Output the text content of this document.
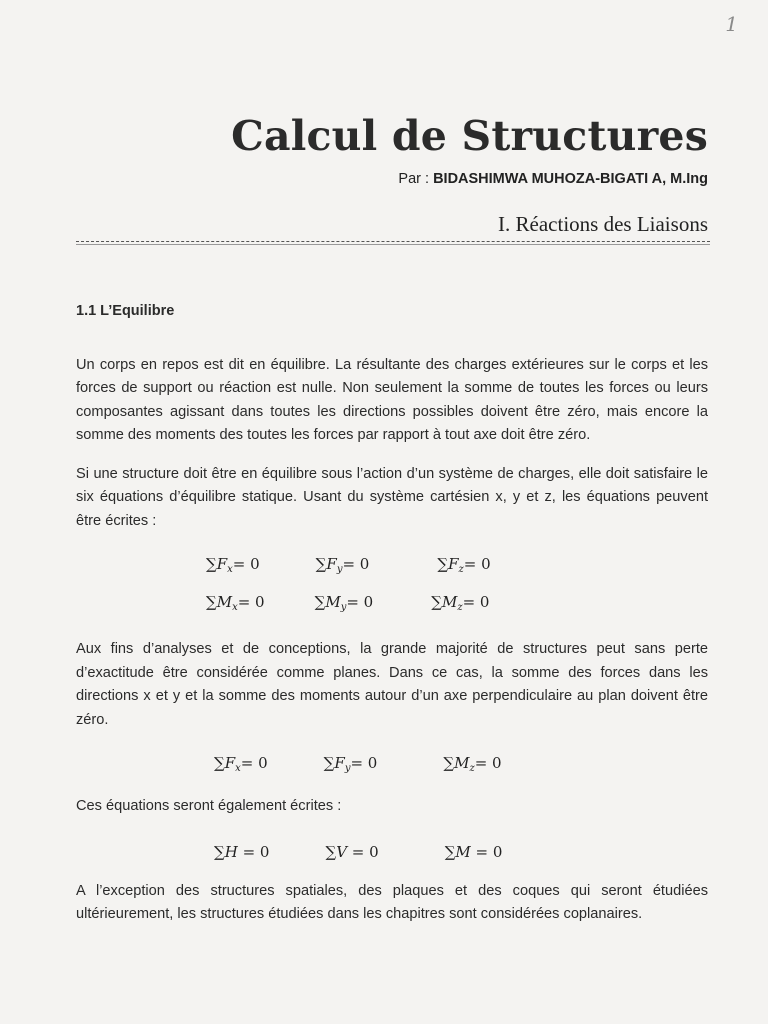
1
Calcul de Structures
Par : BIDASHIMWA MUHOZA-BIGATI A, M.Ing
I. Réactions des Liaisons
1.1 L’Equilibre

Un corps en repos est dit en équilibre. La résultante des charges extérieures sur le corps et les forces de support ou réaction est nulle. Non seulement la somme de toutes les forces ou leurs composantes agissant dans toutes les directions possibles doivent être zéro, mais encore la somme des moments des toutes les forces par rapport à tout axe doit être zéro.

Si une structure doit être en équilibre sous l’action d’un système de charges, elle doit satisfaire le six équations d’équilibre statique. Usant du système cartésien x, y et z, les équations peuvent être écrites :

$\sum F_x= 0$	$\sum F_y= 0$	$\sum F_z= 0$
$\sum M_x= 0$	$\sum M_y= 0$	$\sum M_z= 0$

Aux fins d’analyses et de conceptions, la grande majorité de structures peut sans perte d’exactitude être considérée comme planes. Dans ce cas, la somme des forces dans les directions x et y et la somme des moments autour d’un axe perpendiculaire au plan doivent être zéro.

$\sum F_x= 0$	$\sum F_y= 0$	$\sum M_z= 0$

Ces équations seront également écrites :

∑H = 0	∑V = 0	∑M = 0

A l’exception des structures spatiales, des plaques et des coques qui seront étudiées ultérieurement, les structures étudiées dans les chapitres sont considérées coplanaires.
